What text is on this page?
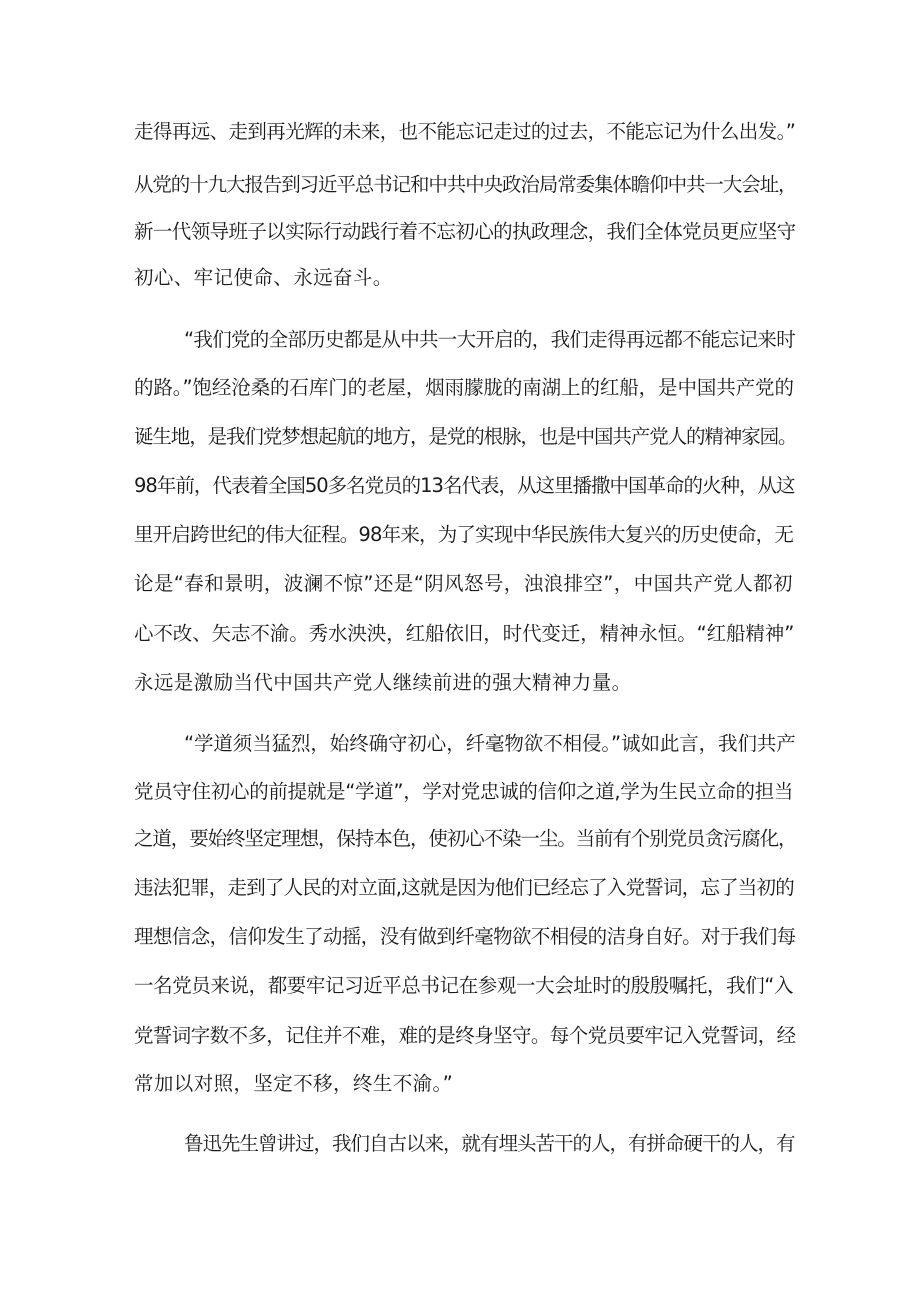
走得再远、走到再光辉的未来，也不能忘记走过的过去，不能忘记为什么出发。”
从党的十九大报告到习近平总书记和中共中央政治局常委集体瞻仰中共一大会址，
新一代领导班子以实际行动践行着不忘初心的执政理念，我们全体党员更应坚守
初心、牢记使命、永远奋斗。
“我们党的全部历史都是从中共一大开启的，我们走得再远都不能忘记来时
的路。”饱经沧桑的石库门的老屋，烟雨朦胧的南湖上的红船，是中国共产党的
诞生地，是我们党梦想起航的地方，是党的根脉，也是中国共产党人的精神家园。
98年前，代表着全国50多名党员的13名代表，从这里播撒中国革命的火种，从这
里开启跨世纪的伟大征程。98年来，为了实现中华民族伟大复兴的历史使命，无
论是“春和景明，波澜不惊”还是“阴风怒号，浊浪排空”，中国共产党人都初
心不改、矢志不渝。秀水泱泱，红船依旧，时代变迁，精神永恒。“红船精神”
永远是激励当代中国共产党人继续前进的强大精神力量。
“学道须当猛烈，始终确守初心，纤毫物欲不相侵。”诚如此言，我们共产
党员守住初心的前提就是“学道”，学对党忠诚的信仰之道,学为生民立命的担当
之道，要始终坚定理想，保持本色，使初心不染一尘。当前有个别党员贪污腐化，
违法犯罪，走到了人民的对立面,这就是因为他们已经忘了入党誓词，忘了当初的
理想信念，信仰发生了动摇，没有做到纤毫物欲不相侵的洁身自好。对于我们每
一名党员来说，都要牢记习近平总书记在参观一大会址时的殷殷嘱托，我们“入
党誓词字数不多，记住并不难，难的是终身坚守。每个党员要牢记入党誓词，经
常加以对照，坚定不移，终生不渝。”
鲁迅先生曾讲过，我们自古以来，就有埋头苦干的人，有拼命硬干的人，有
